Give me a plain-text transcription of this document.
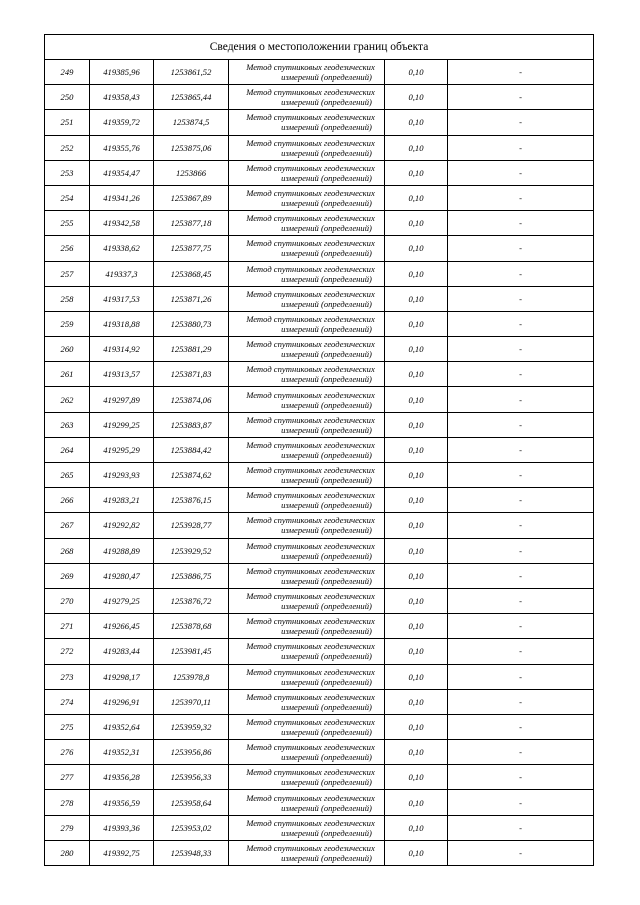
Сведения о местоположении границ объекта					
249	419385,96	1253861,52	Метод спутниковых геодезических
измерений (определений)	0,10	-
250	419358,43	1253865,44	Метод спутниковых геодезических
измерений (определений)	0,10	-
251	419359,72	1253874,5	Метод спутниковых геодезических
измерений (определений)	0,10	-
252	419355,76	1253875,06	Метод спутниковых геодезических
измерений (определений)	0,10	-
253	419354,47	1253866	Метод спутниковых геодезических
измерений (определений)	0,10	-
254	419341,26	1253867,89	Метод спутниковых геодезических
измерений (определений)	0,10	-
255	419342,58	1253877,18	Метод спутниковых геодезических
измерений (определений)	0,10	-
256	419338,62	1253877,75	Метод спутниковых геодезических
измерений (определений)	0,10	-
257	419337,3	1253868,45	Метод спутниковых геодезических
измерений (определений)	0,10	-
258	419317,53	1253871,26	Метод спутниковых геодезических
измерений (определений)	0,10	-
259	419318,88	1253880,73	Метод спутниковых геодезических
измерений (определений)	0,10	-
260	419314,92	1253881,29	Метод спутниковых геодезических
измерений (определений)	0,10	-
261	419313,57	1253871,83	Метод спутниковых геодезических
измерений (определений)	0,10	-
262	419297,89	1253874,06	Метод спутниковых геодезических
измерений (определений)	0,10	-
263	419299,25	1253883,87	Метод спутниковых геодезических
измерений (определений)	0,10	-
264	419295,29	1253884,42	Метод спутниковых геодезических
измерений (определений)	0,10	-
265	419293,93	1253874,62	Метод спутниковых геодезических
измерений (определений)	0,10	-
266	419283,21	1253876,15	Метод спутниковых геодезических
измерений (определений)	0,10	-
267	419292,82	1253928,77	Метод спутниковых геодезических
измерений (определений)	0,10	-
268	419288,89	1253929,52	Метод спутниковых геодезических
измерений (определений)	0,10	-
269	419280,47	1253886,75	Метод спутниковых геодезических
измерений (определений)	0,10	-
270	419279,25	1253876,72	Метод спутниковых геодезических
измерений (определений)	0,10	-
271	419266,45	1253878,68	Метод спутниковых геодезических
измерений (определений)	0,10	-
272	419283,44	1253981,45	Метод спутниковых геодезических
измерений (определений)	0,10	-
273	419298,17	1253978,8	Метод спутниковых геодезических
измерений (определений)	0,10	-
274	419296,91	1253970,11	Метод спутниковых геодезических
измерений (определений)	0,10	-
275	419352,64	1253959,32	Метод спутниковых геодезических
измерений (определений)	0,10	-
276	419352,31	1253956,86	Метод спутниковых геодезических
измерений (определений)	0,10	-
277	419356,28	1253956,33	Метод спутниковых геодезических
измерений (определений)	0,10	-
278	419356,59	1253958,64	Метод спутниковых геодезических
измерений (определений)	0,10	-
279	419393,36	1253953,02	Метод спутниковых геодезических
измерений (определений)	0,10	-
280	419392,75	1253948,33	Метод спутниковых геодезических
измерений (определений)	0,10	-
